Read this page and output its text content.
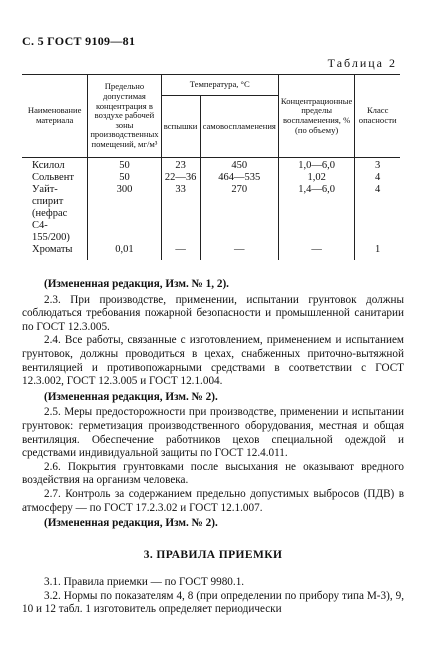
С. 5 ГОСТ 9109—81
Таблица 2
Наименование материала	Предельно допустимая концентрация в воздухе рабочей зоны производственных помещений, мг/м³	Температура, °С		Концентрационные пределы воспламенения, % (по объему)	Класс опасности
		вспышки	самовоспламенения		
Ксилол	50	23	450	1,0—6,0	3
Сольвент	50	22—36	464—535	1,02	4
Уайт-спирит (нефрас С4-155/200)	300	33	270	1,4—6,0	4
Хроматы	0,01	—	—	—	1

(Измененная редакция, Изм. № 1, 2).

2.3. При производстве, применении, испытании грунтовок должны соблюдаться требования пожарной безопасности и промышленной санитарии по ГОСТ 12.3.005.

2.4. Все работы, связанные с изготовлением, применением и испытанием грунтовок, должны проводиться в цехах, снабженных приточно-вытяжной вентиляцией и противопожарными средствами в соответствии с ГОСТ 12.3.002, ГОСТ 12.3.005 и ГОСТ 12.1.004.

(Измененная редакция, Изм. № 2).

2.5. Меры предосторожности при производстве, применении и испытании грунтовок: герметизация производственного оборудования, местная и общая вентиляция. Обеспечение работников цехов специальной одеждой и средствами индивидуальной защиты по ГОСТ 12.4.011.

2.6. Покрытия грунтовками после высыхания не оказывают вредного воздействия на организм человека.

2.7. Контроль за содержанием предельно допустимых выбросов (ПДВ) в атмосферу — по ГОСТ 17.2.3.02 и ГОСТ 12.1.007.

(Измененная редакция, Изм. № 2).

3. ПРАВИЛА ПРИЕМКИ

3.1. Правила приемки — по ГОСТ 9980.1.

3.2. Нормы по показателям 4, 8 (при определении по прибору типа М-3), 9, 10 и 12 табл. 1 изготовитель определяет периодически
